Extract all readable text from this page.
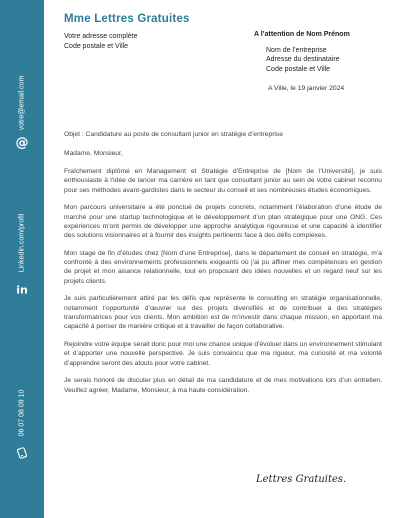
@
votre@email.com
in
Linkedin.com/profil
06 07 08 09 10
Mme Lettres Gratuites
Votre adresse complète
Code postale et Ville
A l’attention de Nom Prénom
Nom de l’entreprise
Adresse du destinataire
Code postale et Ville
A Ville, le 19 janvier 2024

Objet : Candidature au poste de consultant junior en stratégie d’entreprise

Madame, Monsieur,

Fraîchement diplômé en Management et Stratégie d’Entreprise de [Nom de l’Université], je suis enthousiaste à l’idée de lancer ma carrière en tant que consultant junior au sein de votre cabinet reconnu pour ses méthodes avant-gardistes dans le secteur du conseil et ses nombreuses études économiques.

Mon parcours universitaire a été ponctué de projets concrets, notamment l’élaboration d’une étude de marché pour une startup technologique et le développement d’un plan stratégique pour une ONG. Ces expériences m’ont permis de développer une approche analytique rigoureuse et une capacité à identifier des solutions visionnaires et à fournir des insights pertinents face à des défis complexes.

Mon stage de fin d’études chez [Nom d’une Entreprise], dans le département de conseil en stratégie, m’a confronté à des environnements professionnels exigeants où j’ai pu affiner mes compétences en gestion de projet et mon aisance relationnelle, tout en proposant des idées nouvelles et un regard neuf sur les projets clients.

Je suis particulièrement attiré par les défis que représente le consulting en stratégie organisationnelle, notamment l’opportunité d’œuvrer sur des projets diversifiés et de contribuer à des stratégies transformatrices pour vos clients. Mon ambition est de m’investir dans chaque mission, en apportant ma capacité à penser de manière critique et à travailler de façon collaborative.

Rejoindre votre équipe serait donc pour moi une chance unique d’évoluer dans un environnement stimulant et d’apporter une nouvelle perspective. Je suis convaincu que ma rigueur, ma curiosité et ma volonté d’apprendre seront des atouts pour votre cabinet.

Je serais honoré de discuter plus en détail de ma candidature et de mes motivations lors d’un entretien. Veuillez agréer, Madame, Monsieur, à ma haute considération.

Lettres Gratuites.
